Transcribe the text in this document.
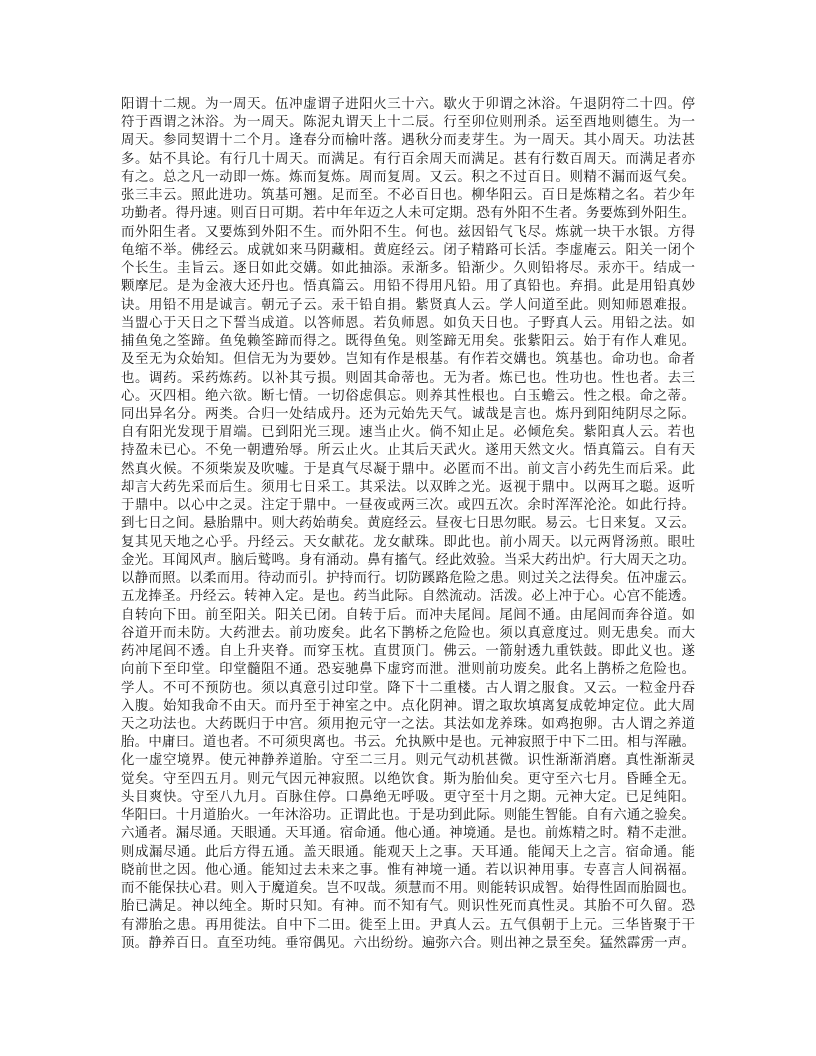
阳谓十二规。为一周天。伍冲虚谓子进阳火三十六。歇火于卯谓之沐浴。午退阴符二十四。停
符于酉谓之沐浴。为一周天。陈泥丸谓天上十二辰。行至卯位则刑杀。运至酉地则德生。为一
周天。参同契谓十二个月。逢春分而榆叶落。遇秋分而麦芽生。为一周天。其小周天。功法甚
多。姑不具论。有行几十周天。而满足。有行百余周天而满足。甚有行数百周天。而满足者亦
有之。总之凡一动即一炼。炼而复炼。周而复周。又云。积之不过百日。则精不漏而返气矣。
张三丰云。照此进功。筑基可翘。足而至。不必百日也。柳华阳云。百日是炼精之名。若少年
功勤者。得丹速。则百日可期。若中年年迈之人未可定期。恐有外阳不生者。务要炼到外阳生。
而外阳生者。又要炼到外阳不生。而外阳不生。何也。兹因铅气飞尽。炼就一块干水银。方得
龟缩不举。佛经云。成就如来马阴藏相。黄庭经云。闭子精路可长活。李虚庵云。阳关一闭个
个长生。圭旨云。逐日如此交媾。如此抽添。汞渐多。铅渐少。久则铅将尽。汞亦干。结成一
颗摩尼。是为金液大还丹也。悟真篇云。用铅不得用凡铅。用了真铅也。弃捐。此是用铅真妙
诀。用铅不用是诚言。朝元子云。汞干铅自捐。紫贤真人云。学人问道至此。则知师恩难报。
当盟心于天日之下誓当成道。以答师恩。若负师恩。如负天日也。子野真人云。用铅之法。如
捕鱼兔之筌蹄。鱼兔赖筌蹄而得之。既得鱼兔。则筌蹄无用矣。张紫阳云。始于有作人难见。
及至无为众始知。但信无为为要妙。岂知有作是根基。有作若交媾也。筑基也。命功也。命者
也。调药。采药炼药。以补其亏损。则固其命蒂也。无为者。炼已也。性功也。性也者。去三
心。灭四相。绝六欲。断七情。一切俗虑俱忘。则养其性根也。白玉蟾云。性之根。命之蒂。
同出异名分。两类。合归一处结成丹。还为元始先天气。诚哉是言也。炼丹到阳纯阴尽之际。
自有阳光发现于眉端。已到阳光三现。速当止火。倘不知止足。必倾危矣。紫阳真人云。若也
持盈未已心。不免一朝遭殆辱。所云止火。止其后天武火。遂用天然文火。悟真篇云。自有天
然真火候。不须柴炭及吹嘘。于是真气尽凝于鼎中。必匿而不出。前文言小药先生而后采。此
却言大药先采而后生。须用七日采工。其采法。以双眸之光。返视于鼎中。以两耳之聪。返听
于鼎中。以心中之灵。注定于鼎中。一昼夜或两三次。或四五次。余时浑浑沦沦。如此行持。
到七日之间。悬胎鼎中。则大药始萌矣。黄庭经云。昼夜七日思勿眠。易云。七日来复。又云。
复其见天地之心乎。丹经云。天女献花。龙女献珠。即此也。前小周天。以元两肾汤煎。眼吐
金光。耳闻风声。脑后鹫鸣。身有涌动。鼻有搐气。经此效验。当采大药出炉。行大周天之功。
以静而照。以柔而用。待动而引。护持而行。切防蹊路危险之患。则过关之法得矣。伍冲虚云。
五龙捧圣。丹经云。转神入定。是也。药当此际。自然流动。活泼。必上冲于心。心宫不能透。
自转向下田。前至阳关。阳关已闭。自转于后。而冲夫尾闾。尾闾不通。由尾闾而奔谷道。如
谷道开而未防。大药泄去。前功废矣。此名下鹊桥之危险也。须以真意度过。则无患矣。而大
药冲尾闾不透。自上升夹脊。而穿玉枕。直贯顶门。佛云。一箭射透九重铁鼓。即此义也。遂
向前下至印堂。印堂髓阻不通。恐妄驰鼻下虚窍而泄。泄则前功废矣。此名上鹊桥之危险也。
学人。不可不预防也。须以真意引过印堂。降下十二重楼。古人谓之服食。又云。一粒金丹吞
入腹。始知我命不由天。而丹至于神室之中。点化阴神。谓之取坎填离复成乾坤定位。此大周
天之功法也。大药既归于中宫。须用抱元守一之法。其法如龙养珠。如鸡抱卵。古人谓之养道
胎。中庸曰。道也者。不可须臾离也。书云。允执厥中是也。元神寂照于中下二田。相与浑融。
化一虚空境界。使元神静养道胎。守至二三月。则元气动机甚微。识性渐渐消磨。真性渐渐灵
觉矣。守至四五月。则元气因元神寂照。以绝饮食。斯为胎仙矣。更守至六七月。昏睡全无。
头目爽快。守至八九月。百脉住停。口鼻绝无呼吸。更守至十月之期。元神大定。已足纯阳。
华阳曰。十月道胎火。一年沐浴功。正谓此也。于是功到此际。则能生智能。自有六通之验矣。
六通者。漏尽通。天眼通。天耳通。宿命通。他心通。神境通。是也。前炼精之时。精不走泄。
则成漏尽通。此后方得五通。盖天眼通。能观天上之事。天耳通。能闻天上之言。宿命通。能
晓前世之因。他心通。能知过去未来之事。惟有神境一通。若以识神用事。专喜言人间祸福。
而不能保扶心君。则入于魔道矣。岂不叹哉。须慧而不用。则能转识成智。始得性固而胎圆也。
胎已满足。神以纯全。斯时只知。有神。而不知有气。则识性死而真性灵。其胎不可久留。恐
有滞胎之患。再用徙法。自中下二田。徙至上田。尹真人云。五气俱朝于上元。三华皆聚于干
顶。静养百日。直至功纯。垂帘偶见。六出纷纷。遍弥六合。则出神之景至矣。猛然霹雳一声。
